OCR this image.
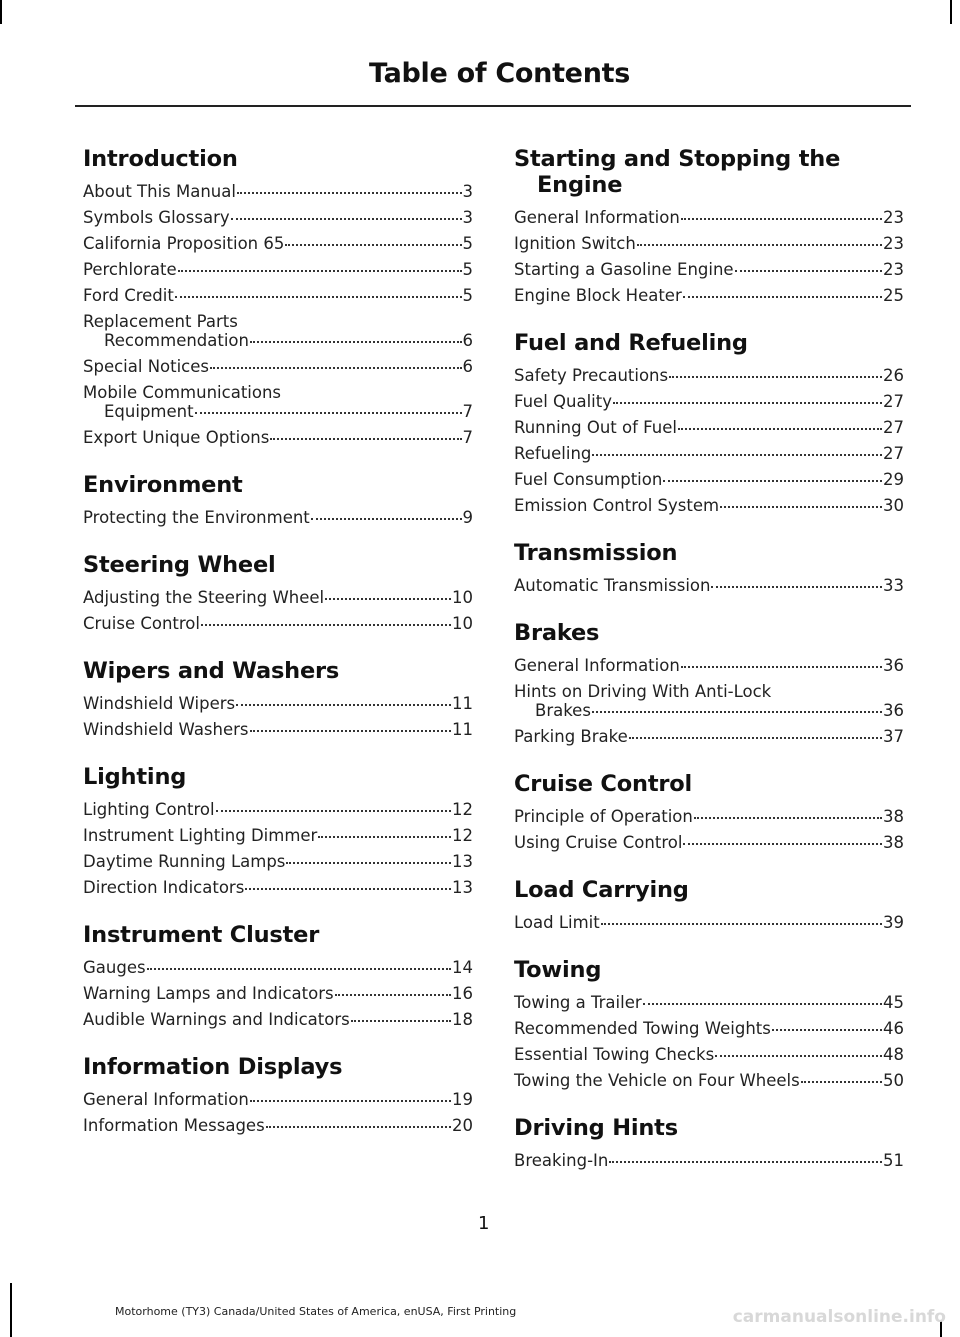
Table of Contents
Introduction
About This Manual	3
Symbols Glossary	3
California Proposition 65	5
Perchlorate	5
Ford Credit	5
Replacement Parts
Recommendation	6
Special Notices	6
Mobile Communications
Equipment	7
Export Unique Options	7
Environment
Protecting the Environment	9
Steering Wheel
Adjusting the Steering Wheel	10
Cruise Control	10
Wipers and Washers
Windshield Wipers	11
Windshield Washers	11
Lighting
Lighting Control	12
Instrument Lighting Dimmer	12
Daytime Running Lamps	13
Direction Indicators	13
Instrument Cluster
Gauges	14
Warning Lamps and Indicators	16
Audible Warnings and Indicators	18
Information Displays
General Information	19
Information Messages	20
Starting and Stopping the Engine
General Information	23
Ignition Switch	23
Starting a Gasoline Engine	23
Engine Block Heater	25
Fuel and Refueling
Safety Precautions	26
Fuel Quality	27
Running Out of Fuel	27
Refueling	27
Fuel Consumption	29
Emission Control System	30
Transmission
Automatic Transmission	33
Brakes
General Information	36
Hints on Driving With Anti-Lock
Brakes	36
Parking Brake	37
Cruise Control
Principle of Operation	38
Using Cruise Control	38
Load Carrying
Load Limit	39
Towing
Towing a Trailer	45
Recommended Towing Weights	46
Essential Towing Checks	48
Towing the Vehicle on Four Wheels	50
Driving Hints
Breaking-In	51
1
Motorhome (TY3) Canada/United States of America, enUSA, First Printing	carmanualsonline.info
